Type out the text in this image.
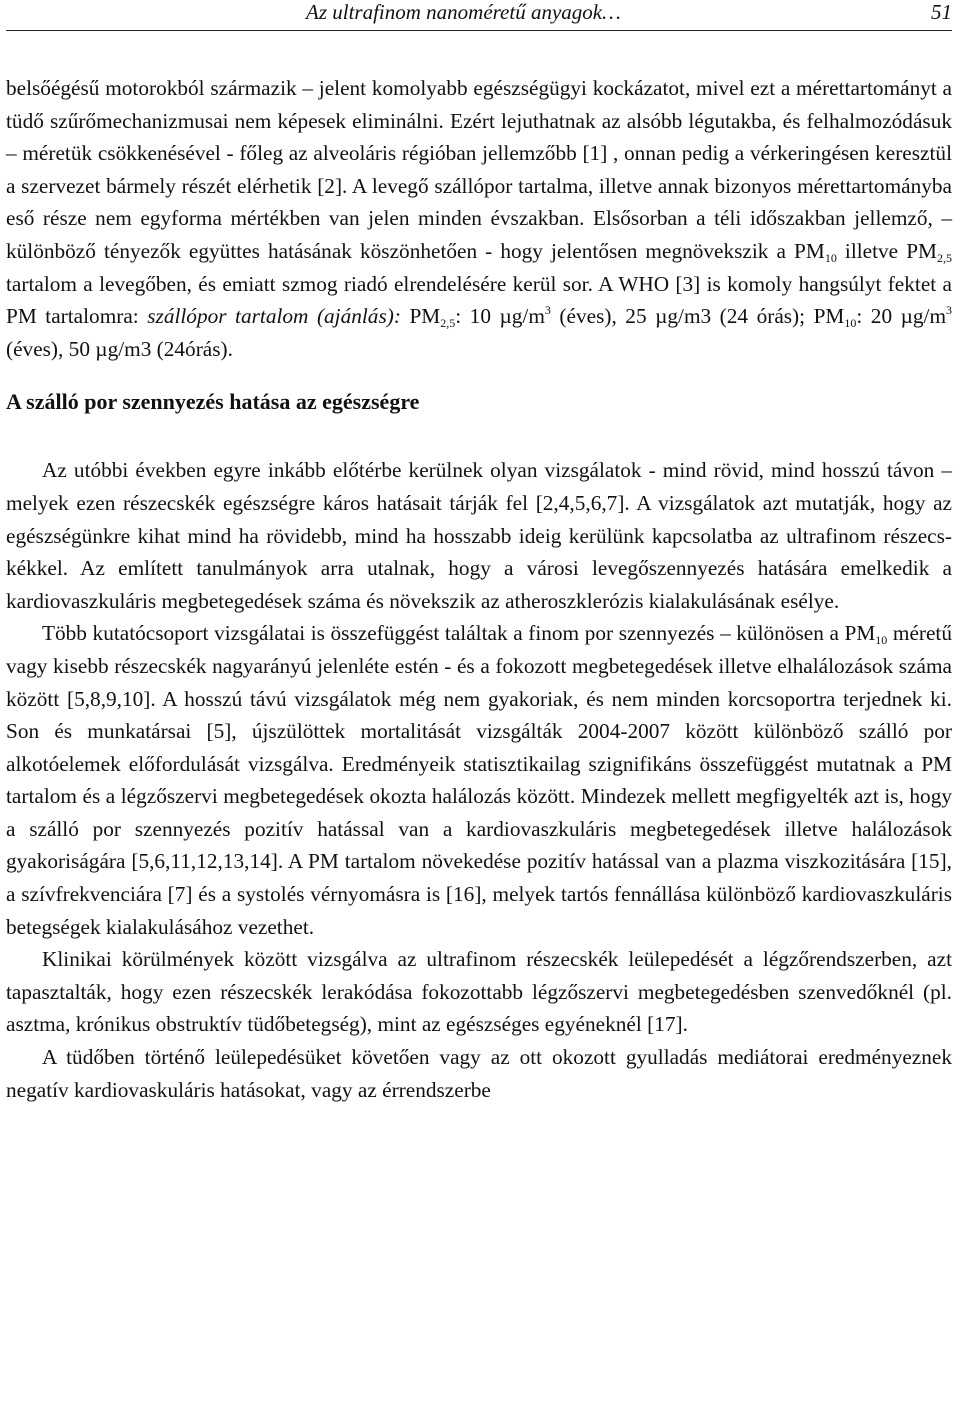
Az ultrafinom nanoméretű anyagok…	51

belsőégésű motorokból származik – jelent komolyabb egészségügyi kockázatot, mivel ezt a mérettartományt a tüdő szűrőmechanizmusai nem képesek eliminálni. Ezért lejuthatnak az alsóbb légutakba, és felhalmozódásuk – méretük csökkenésével - főleg az alveoláris régióban jellemzőbb [1] , onnan pedig a vérkeringésen keresztül a szervezet bármely részét elérhetik [2]. A levegő szállópor tartalma, illetve annak bizonyos mérettartományba eső része nem egyforma mértékben van jelen minden évszakban. Elsősorban a téli időszakban jellemző, – különböző tényezők együttes hatásának köszönhetően - hogy jelentősen megnövekszik a $PM_{10}$ illetve $PM_{2,5}$ tartalom a levegőben, és emiatt szmog riadó elrendelésére kerül sor. A WHO [3] is komoly hangsúlyt fektet a PM tartalomra: szállópor tartalom (ajánlás): $PM_{2,5}$: 10 $\mu g/m^3$ (éves), 25 µg/m3 (24 órás); $PM_{10}$: 20 $\mu g/m^3$ (éves), 50 µg/m3 (24órás).

A szálló por szennyezés hatása az egészségre

Az utóbbi években egyre inkább előtérbe kerülnek olyan vizsgálatok - mind rövid, mind hosszú távon – melyek ezen részecskék egészségre káros hatásait tárják fel [2,4,5,6,7]. A vizsgálatok azt mutatják, hogy az egészségünkre kihat mind ha rövidebb, mind ha hosszabb ideig kerülünk kapcsolatba az ultrafinom részecskékkel. Az említett tanulmányok arra utalnak, hogy a városi levegőszennyezés hatására emelkedik a kardiovaszkuláris megbetegedések száma és növekszik az atheroszklerózis kialakulásának esélye.

Több kutatócsoport vizsgálatai is összefüggést találtak a finom por szennyezés – különösen a $PM_{10}$ méretű vagy kisebb részecskék nagyarányú jelenléte estén - és a fokozott megbetegedések illetve elhalálozások száma között [5,8,9,10]. A hosszú távú vizsgálatok még nem gyakoriak, és nem minden korcsoportra terjednek ki. Son és munkatársai [5], újszülöttek mortalitását vizsgálták 2004-2007 között különböző szálló por alkotóelemek előfordulását vizsgálva. Eredményeik statisztikailag szignifikáns összefüggést mutatnak a PM tartalom és a légzőszervi megbetegedések okozta halálozás között. Mindezek mellett megfigyelték azt is, hogy a szálló por szennyezés pozitív hatással van a kardiovaszkuláris megbetegedések illetve halálozások gyakoriságára [5,6,11,12,13,14]. A PM tartalom növekedése pozitív hatással van a plazma viszkozitására [15], a szívfrekvenciára [7] és a systolés vérnyomásra is [16], melyek tartós fennállása különböző kardiovaszkuláris betegségek kialakulásához vezethet.

Klinikai körülmények között vizsgálva az ultrafinom részecskék leülepedését a légzőrendszerben, azt tapasztalták, hogy ezen részecskék lerakódása fokozottabb légzőszervi megbetegedésben szenvedőknél (pl. asztma, krónikus obstruktív tüdőbetegség), mint az egészséges egyéneknél [17].

A tüdőben történő leülepedésüket követően vagy az ott okozott gyulladás mediátorai eredményeznek negatív kardiovaskuláris hatásokat, vagy az érrendszerbe
